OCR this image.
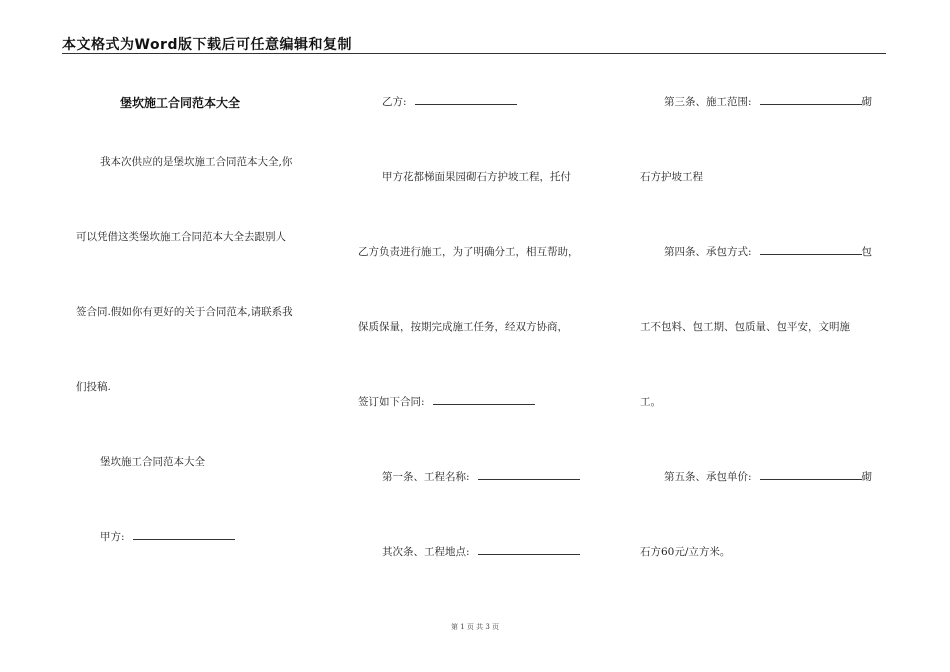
本文格式为Word版下载后可任意编辑和复制
堡坎施工合同范本大全
我本次供应的是堡坎施工合同范本大全,你
可以凭借这类堡坎施工合同范本大全去跟别人
签合同.假如你有更好的关于合同范本,请联系我
们投稿.
堡坎施工合同范本大全
甲方:
乙方:
甲方花都梯面果园砌石方护坡工程，托付
乙方负责进行施工，为了明确分工，相互帮助，
保质保量，按期完成施工任务，经双方协商，
签订如下合同:
第一条、工程名称:
其次条、工程地点:
第三条、施工范围:	砌
石方护坡工程
第四条、承包方式:	包
工不包料、包工期、包质量、包平安，文明施
工。
第五条、承包单价:	砌
石方60元/立方米。
第 1 页 共 3 页
